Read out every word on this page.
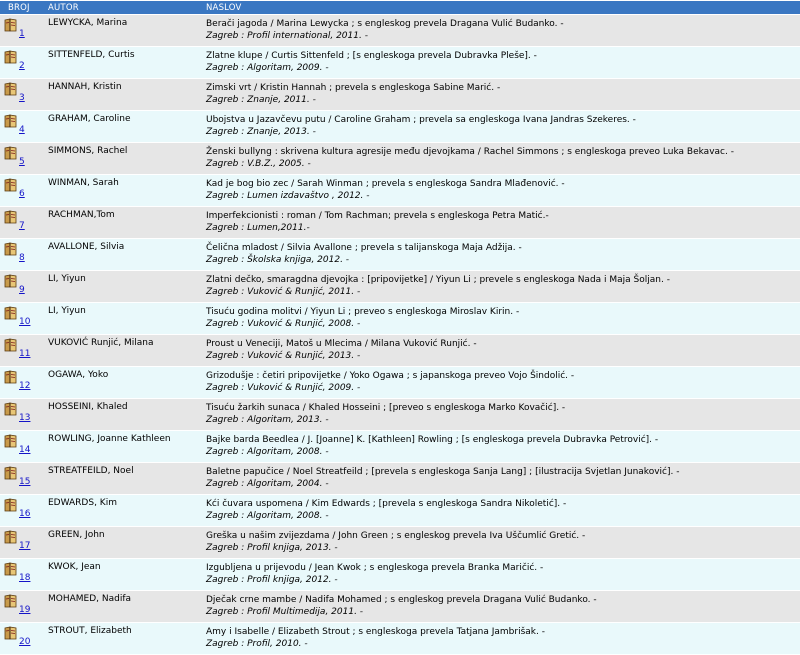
BROJ	AUTOR	NASLOV

1	LEWYCKA, Marina	Berači jagoda / Marina Lewycka ; s engleskog prevela Dragana Vulić Budanko. -
Zagreb : Profil international, 2011. -

2	SITTENFELD, Curtis	Zlatne klupe / Curtis Sittenfeld ; [s engleskoga prevela Dubravka Pleše]. -
Zagreb : Algoritam, 2009. -

3	HANNAH, Kristin	Zimski vrt / Kristin Hannah ; prevela s engleskoga Sabine Marić. -
Zagreb : Znanje, 2011. -

4	GRAHAM, Caroline	Ubojstva u Jazavčevu putu / Caroline Graham ; prevela sa engleskoga Ivana Jandras Szekeres. -
Zagreb : Znanje, 2013. -

5	SIMMONS, Rachel	Ženski bullyng : skrivena kultura agresije među djevojkama / Rachel Simmons ; s engleskoga preveo Luka Bekavac. -
Zagreb : V.B.Z., 2005. -

6	WINMAN, Sarah	Kad je bog bio zec / Sarah Winman ; prevela s engleskoga Sandra Mlađenović. -
Zagreb : Lumen izdavaštvo , 2012. -

7	RACHMAN,Tom	Imperfekcionisti : roman / Tom Rachman; prevela s engleskoga Petra Matić.-
Zagreb : Lumen,2011.-

8	AVALLONE, Silvia	Čelična mladost / Silvia Avallone ; prevela s talijanskoga Maja Adžija. -
Zagreb : Školska knjiga, 2012. -

9	LI, Yiyun	Zlatni dečko, smaragdna djevojka : [pripovijetke] / Yiyun Li ; prevele s engleskoga Nada i Maja Šoljan. -
Zagreb : Vuković & Runjić, 2011. -

10	LI, Yiyun	Tisuću godina molitvi / Yiyun Li ; preveo s engleskoga Miroslav Kirin. -
Zagreb : Vuković & Runjić, 2008. -

11	VUKOVIĆ Runjić, Milana	Proust u Veneciji, Matoš u Mlecima / Milana Vuković Runjić. -
Zagreb : Vuković & Runjić, 2013. -

12	OGAWA, Yoko	Grizodušje : četiri pripovijetke / Yoko Ogawa ; s japanskoga preveo Vojo Šindolić. -
Zagreb : Vuković & Runjić, 2009. -

13	HOSSEINI, Khaled	Tisuću žarkih sunaca / Khaled Hosseini ; [preveo s engleskoga Marko Kovačić]. -
Zagreb : Algoritam, 2013. -

14	ROWLING, Joanne Kathleen	Bajke barda Beedlea / J. [Joanne] K. [Kathleen] Rowling ; [s engleskoga prevela Dubravka Petrović]. -
Zagreb : Algoritam, 2008. -

15	STREATFEILD, Noel	Baletne papučice / Noel Streatfeild ; [prevela s engleskoga Sanja Lang] ; [ilustracija Svjetlan Junaković]. -
Zagreb : Algoritam, 2004. -

16	EDWARDS, Kim	Kći čuvara uspomena / Kim Edwards ; [prevela s engleskoga Sandra Nikoletić]. -
Zagreb : Algoritam, 2008. -

17	GREEN, John	Greška u našim zvijezdama / John Green ; s engleskog prevela Iva Uščumlić Gretić. -
Zagreb : Profil knjiga, 2013. -

18	KWOK, Jean	Izgubljena u prijevodu / Jean Kwok ; s engleskoga prevela Branka Maričić. -
Zagreb : Profil knjiga, 2012. -

19	MOHAMED, Nadifa	Dječak crne mambe / Nadifa Mohamed ; s engleskog prevela Dragana Vulić Budanko. -
Zagreb : Profil Multimedija, 2011. -

20	STROUT, Elizabeth	Amy i Isabelle / Elizabeth Strout ; s engleskoga prevela Tatjana Jambrišak. -
Zagreb : Profil, 2010. -
